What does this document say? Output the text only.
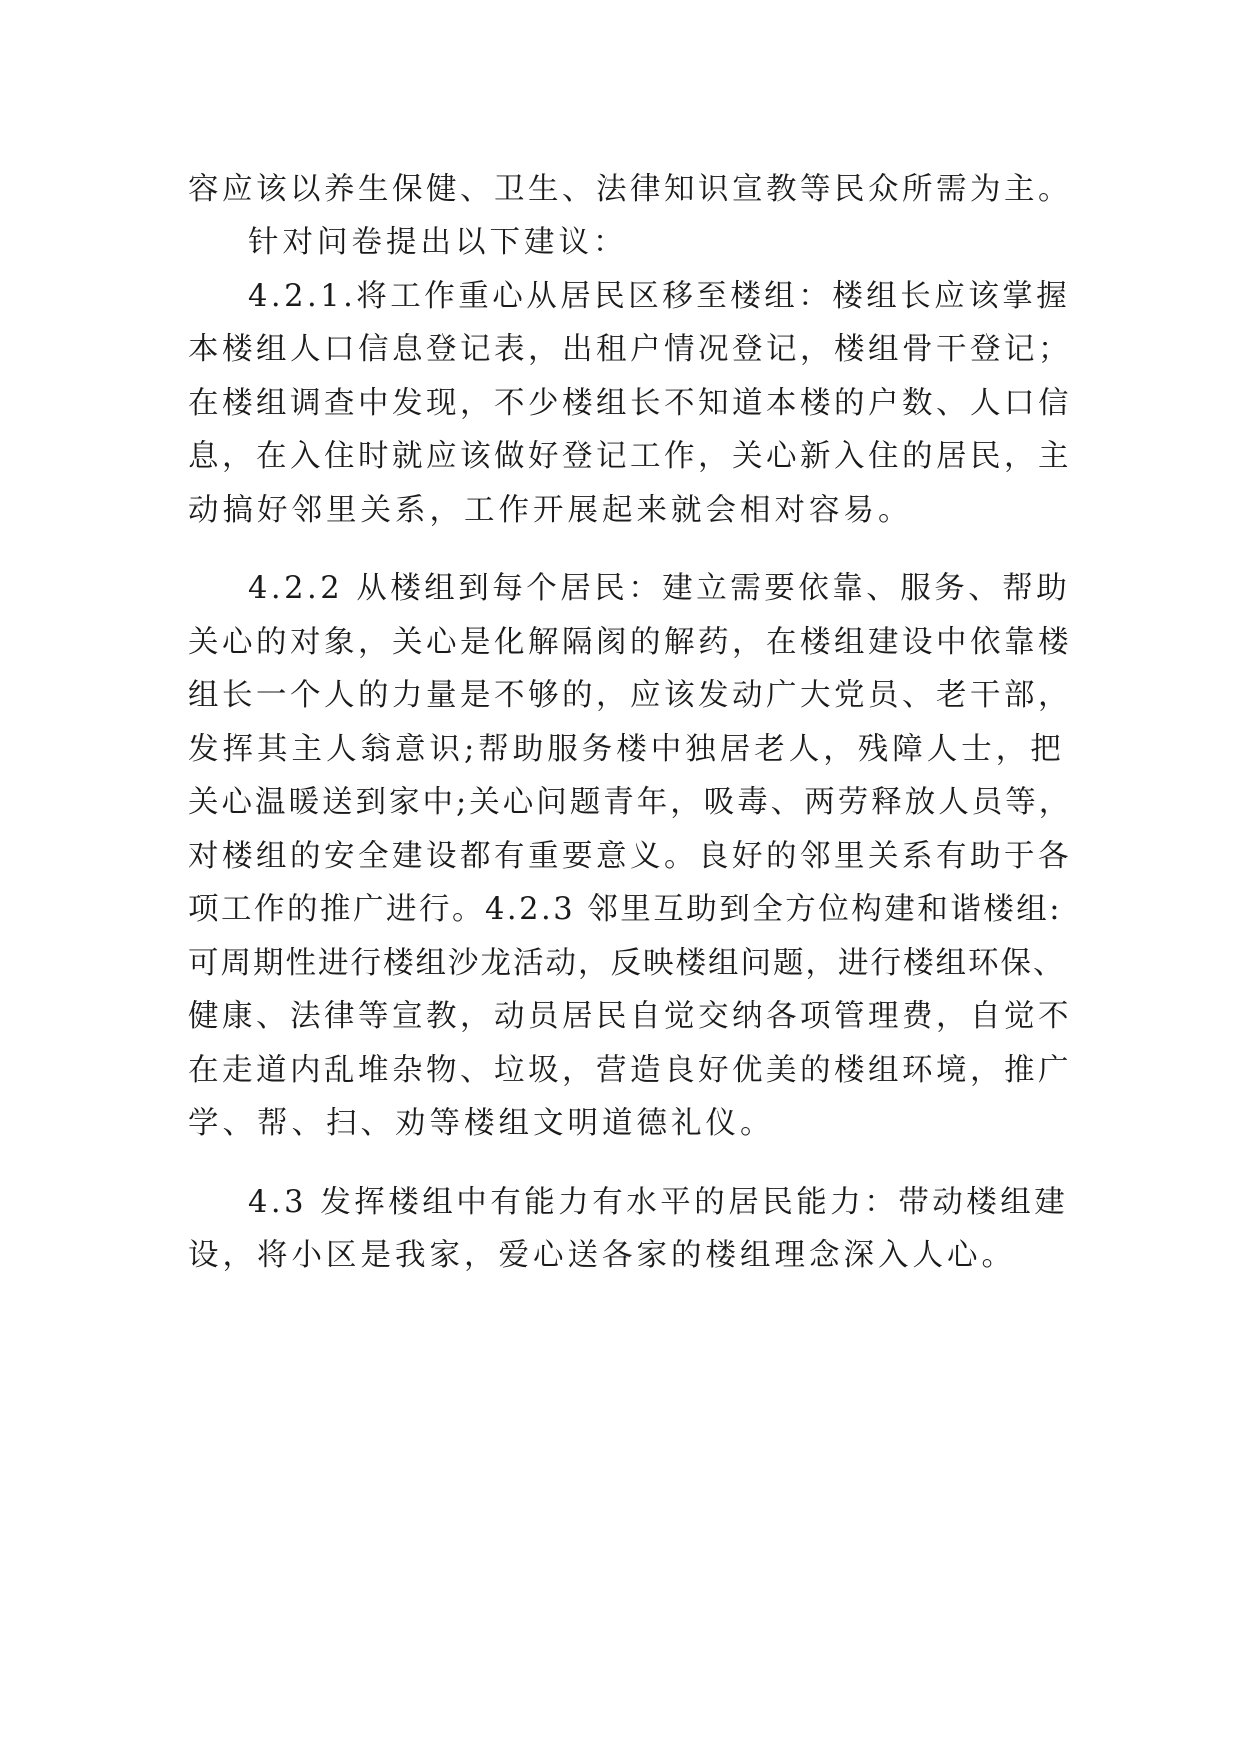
容应该以养生保健、卫生、法律知识宣教等民众所需为主。
针对问卷提出以下建议：
4.2.1.将工作重心从居民区移至楼组：楼组长应该掌握
本楼组人口信息登记表，出租户情况登记，楼组骨干登记；
在楼组调查中发现，不少楼组长不知道本楼的户数、人口信
息，在入住时就应该做好登记工作，关心新入住的居民，主
动搞好邻里关系，工作开展起来就会相对容易。
4.2.2 从楼组到每个居民：建立需要依靠、服务、帮助
关心的对象，关心是化解隔阂的解药，在楼组建设中依靠楼
组长一个人的力量是不够的，应该发动广大党员、老干部，
发挥其主人翁意识;帮助服务楼中独居老人，残障人士，把
关心温暖送到家中;关心问题青年，吸毒、两劳释放人员等，
对楼组的安全建设都有重要意义。良好的邻里关系有助于各
项工作的推广进行。4.2.3 邻里互助到全方位构建和谐楼组:
可周期性进行楼组沙龙活动，反映楼组问题，进行楼组环保、
健康、法律等宣教，动员居民自觉交纳各项管理费，自觉不
在走道内乱堆杂物、垃圾，营造良好优美的楼组环境，推广
学、帮、扫、劝等楼组文明道德礼仪。
4.3 发挥楼组中有能力有水平的居民能力：带动楼组建
设，将小区是我家，爱心送各家的楼组理念深入人心。
